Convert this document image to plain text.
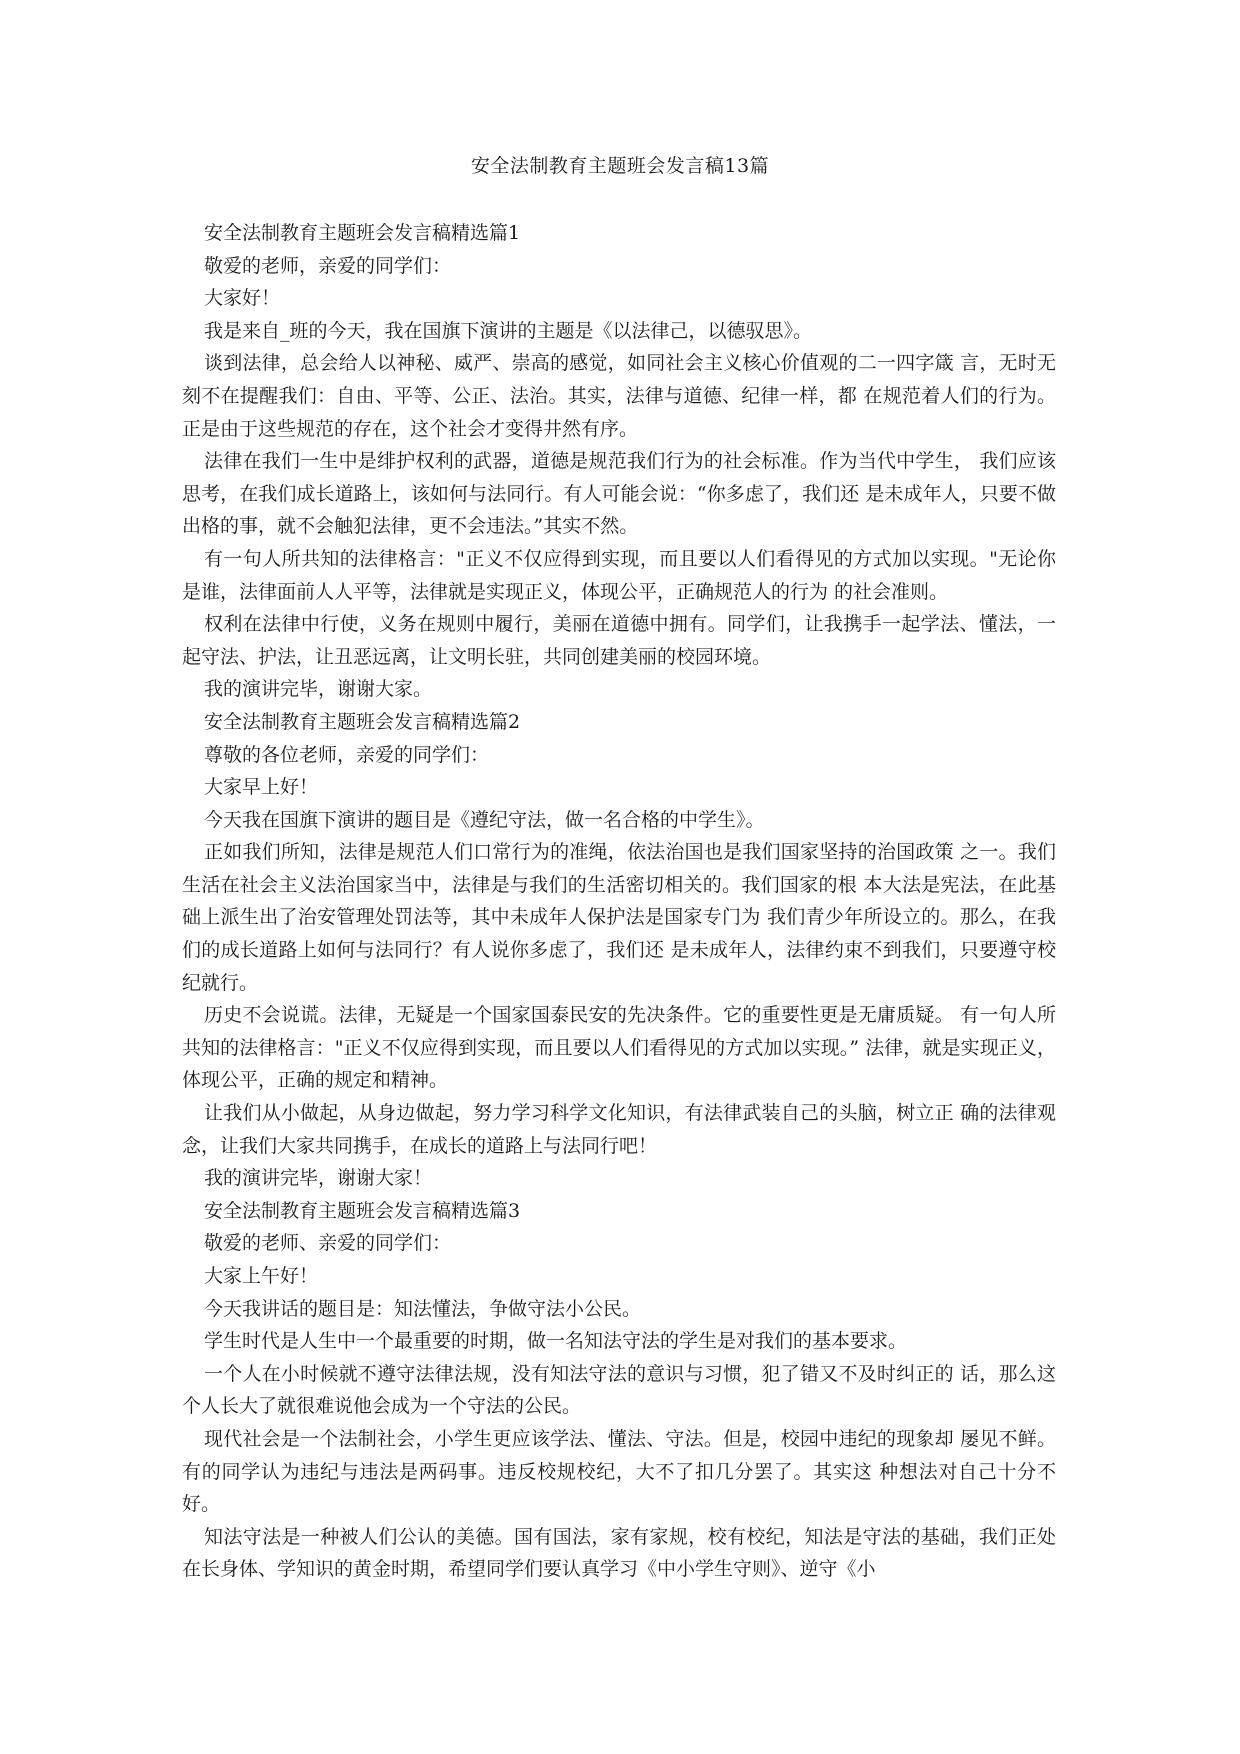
安全法制教育主题班会发言稿13篇

安全法制教育主题班会发言稿精选篇1

敬爱的老师，亲爱的同学们：

大家好！

我是来自_班的今天，我在国旗下演讲的主题是《以法律己，以德驭思》。

谈到法律，总会给人以神秘、威严、崇高的感觉，如同社会主义核心价值观的二一四字箴 言，无时无刻不在提醒我们：自由、平等、公正、法治。其实，法律与道德、纪律一样，都 在规范着人们的行为。正是由于这些规范的存在，这个社会才变得井然有序。

法律在我们一生中是绯护权利的武器，道德是规范我们行为的社会标准。作为当代中学生， 我们应该思考，在我们成长道路上，该如何与法同行。有人可能会说：“你多虑了，我们还 是未成年人，只要不做出格的事，就不会触犯法律，更不会违法。”其实不然。

有一句人所共知的法律格言："正义不仅应得到实现，而且要以人们看得见的方式加以实现。"无论你是谁，法律面前人人平等，法律就是实现正义，体现公平，正确规范人的行为 的社会准则。

权利在法律中行使，义务在规则中履行，美丽在道德中拥有。同学们，让我携手一起学法、懂法，一起守法、护法，让丑恶远离，让文明长驻，共同创建美丽的校园环境。

我的演讲完毕，谢谢大家。

安全法制教育主题班会发言稿精选篇2

尊敬的各位老师，亲爱的同学们：

大家早上好！

今天我在国旗下演讲的题目是《遵纪守法，做一名合格的中学生》。

正如我们所知，法律是规范人们口常行为的准绳，依法治国也是我们国家坚持的治国政策 之一。我们生活在社会主义法治国家当中，法律是与我们的生活密切相关的。我们国家的根 本大法是宪法，在此基础上派生出了治安管理处罚法等，其中未成年人保护法是国家专门为 我们青少年所设立的。那么，在我们的成长道路上如何与法同行？有人说你多虑了，我们还 是未成年人，法律约束不到我们，只要遵守校纪就行。

历史不会说谎。法律，无疑是一个国家国泰民安的先决条件。它的重要性更是无庸质疑。 有一句人所共知的法律格言："正义不仅应得到实现，而且要以人们看得见的方式加以实现。” 法律，就是实现正义，体现公平，正确的规定和精神。

让我们从小做起，从身边做起，努力学习科学文化知识，有法律武装自己的头脑，树立正 确的法律观念，让我们大家共同携手，在成长的道路上与法同行吧！

我的演讲完毕，谢谢大家！

安全法制教育主题班会发言稿精选篇3

敬爱的老师、亲爱的同学们：

大家上午好！

今天我讲话的题目是：知法懂法，争做守法小公民。

学生时代是人生中一个最重要的时期，做一名知法守法的学生是对我们的基本要求。

一个人在小时候就不遵守法律法规，没有知法守法的意识与习惯，犯了错又不及时纠正的 话，那么这个人长大了就很难说他会成为一个守法的公民。

现代社会是一个法制社会，小学生更应该学法、懂法、守法。但是，校园中违纪的现象却 屡见不鲜。有的同学认为违纪与违法是两码事。违反校规校纪，大不了扣几分罢了。其实这 种想法对自己十分不好。

知法守法是一种被人们公认的美德。国有国法，家有家规，校有校纪，知法是守法的基础，我们正处在长身体、学知识的黄金时期，希望同学们要认真学习《中小学生守则》、逆守《小
